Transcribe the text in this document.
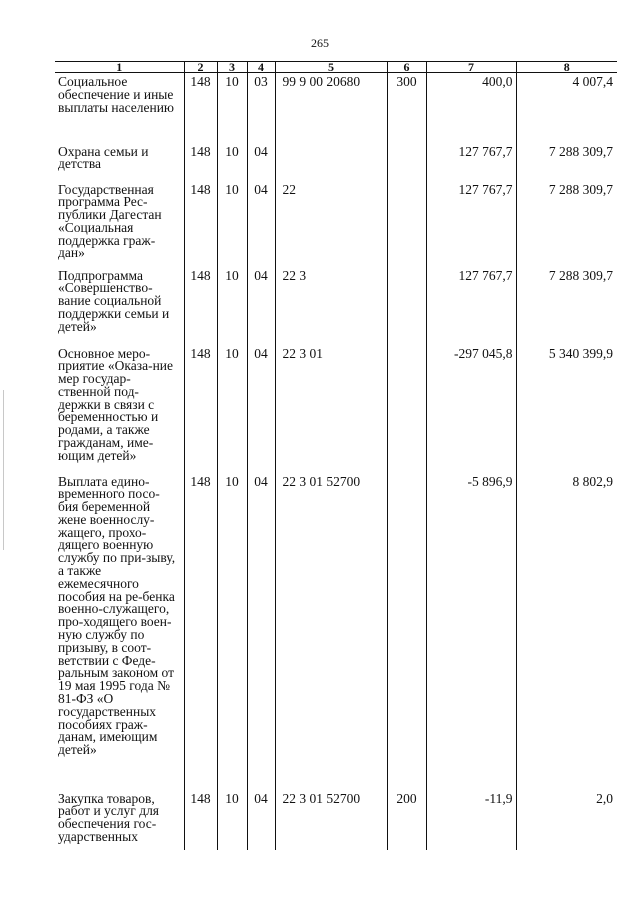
265
1	2	3	4	5	6	7	8
Социальное обеспечение и иные выплаты населению	148	10	03	99 9 00 20680	300	400,0	4 007,4
Охрана семьи и детства	148	10	04			127 767,7	7 288 309,7
Государственная программа Рес-публики Дагестан «Социальная поддержка граж-дан»	148	10	04	22		127 767,7	7 288 309,7
Подпрограмма «Совершенство-вание социальной поддержки семьи и детей»	148	10	04	22 3		127 767,7	7 288 309,7
Основное меро-приятие «Оказа-ние мер государ-ственной под-держки в связи с беременностью и родами, а также гражданам, име-ющим детей»	148	10	04	22 3 01		-297 045,8	5 340 399,9
Выплата едино-временного посо-бия беременной жене военнослу-жащего, прохо-дящего военную службу по при-зыву, а также ежемесячного пособия на ре-бенка военно-служащего, про-ходящего воен-ную службу по призыву, в соот-ветствии с Феде-ральным законом от 19 мая 1995 года № 81-ФЗ «О государственных пособиях граж-данам, имеющим детей»	148	10	04	22 3 01 52700		-5 896,9	8 802,9
Закупка товаров, работ и услуг для обеспечения гос-ударственных	148	10	04	22 3 01 52700	200	-11,9	2,0
